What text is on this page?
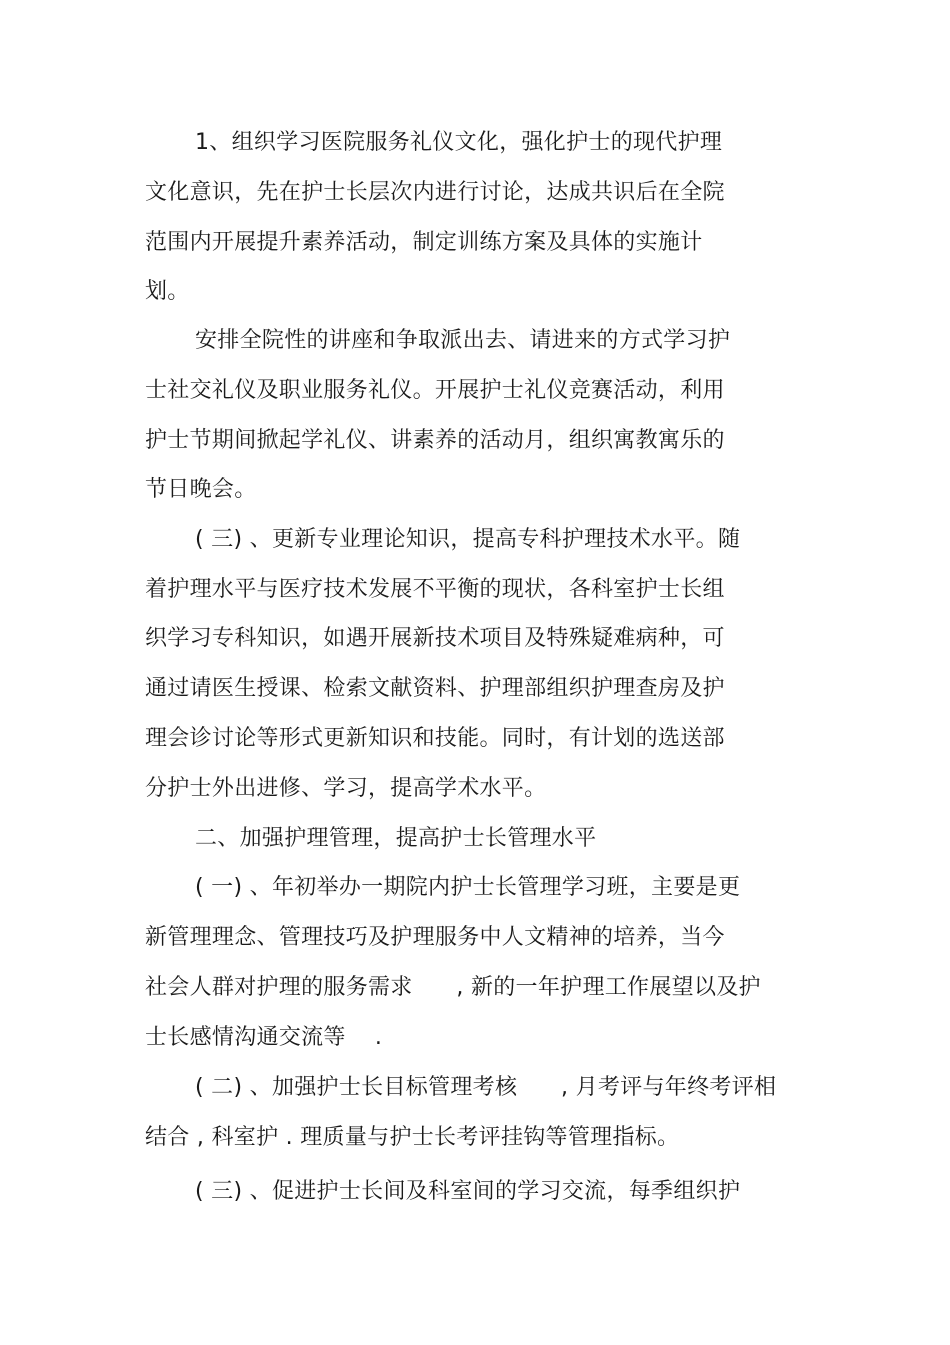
1、组织学习医院服务礼仪文化，强化护士的现代护理

文化意识，先在护士长层次内进行讨论，达成共识后在全院

范围内开展提升素养活动，制定训练方案及具体的实施计

划。

安排全院性的讲座和争取派出去、请进来的方式学习护

士社交礼仪及职业服务礼仪。开展护士礼仪竞赛活动，利用

护士节期间掀起学礼仪、讲素养的活动月，组织寓教寓乐的

节日晚会。

( 三) 、更新专业理论知识，提高专科护理技术水平。随

着护理水平与医疗技术发展不平衡的现状，各科室护士长组

织学习专科知识，如遇开展新技术项目及特殊疑难病种，可

通过请医生授课、检索文献资料、护理部组织护理查房及护

理会诊讨论等形式更新知识和技能。同时，有计划的选送部

分护士外出进修、学习，提高学术水平。

二、加强护理管理，提高护士长管理水平

( 一) 、年初举办一期院内护士长管理学习班，主要是更

新管理理念、管理技巧及护理服务中人文精神的培养，当今

社会人群对护理的服务需求      , 新的一年护理工作展望以及护

士长感情沟通交流等    .

( 二) 、加强护士长目标管理考核      , 月考评与年终考评相

结合 , 科室护 . 理质量与护士长考评挂钩等管理指标。

( 三) 、促进护士长间及科室间的学习交流，每季组织护
